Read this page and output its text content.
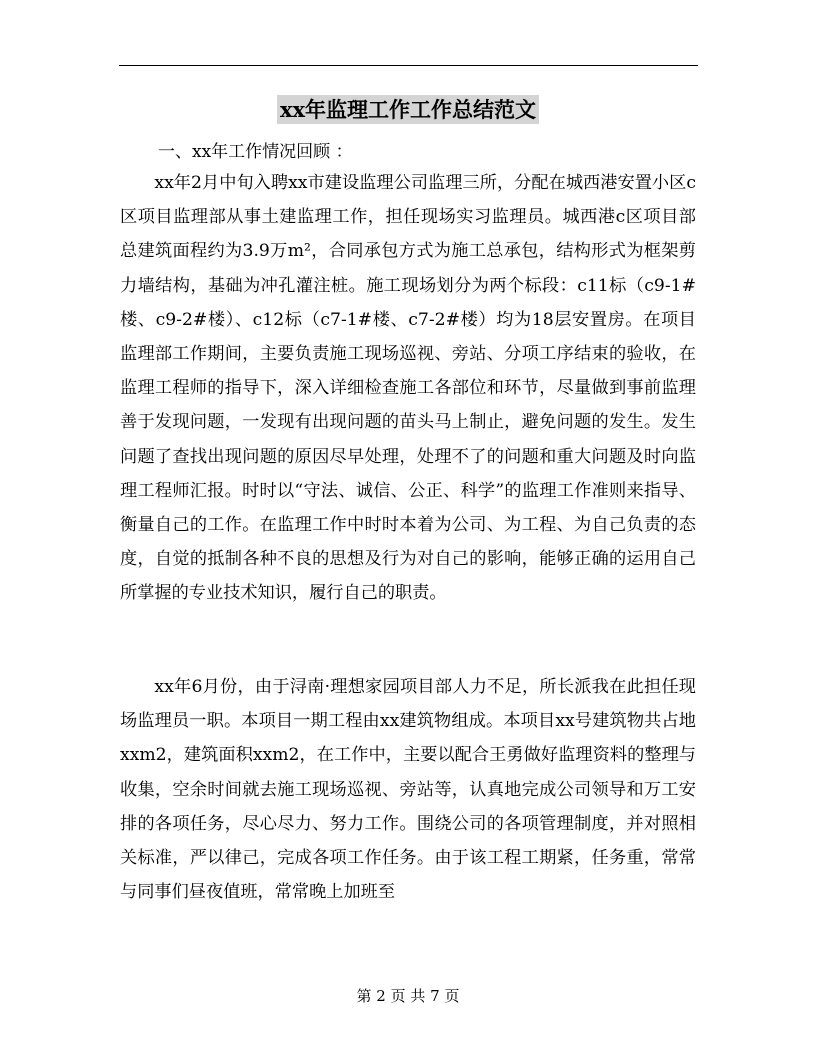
xx年监理工作工作总结范文
一、xx年工作情况回顾 ：

xx年2月中旬入聘xx市建设监理公司监理三所，分配在城西港安置小区c区项目监理部从事土建监理工作，担任现场实习监理员。城西港c区项目部总建筑面程约为3.9万m²，合同承包方式为施工总承包，结构形式为框架剪力墙结构，基础为冲孔灌注桩。施工现场划分为两个标段：c11标（c9-1#楼、c9-2#楼）、c12标（c7-1#楼、c7-2#楼）均为18层安置房。在项目监理部工作期间，主要负责施工现场巡视、旁站、分项工序结束的验收，在监理工程师的指导下，深入详细检查施工各部位和环节，尽量做到事前监理善于发现问题，一发现有出现问题的苗头马上制止，避免问题的发生。发生问题了查找出现问题的原因尽早处理，处理不了的问题和重大问题及时向监理工程师汇报。时时以“守法、诚信、公正、科学”的监理工作准则来指导、衡量自己的工作。在监理工作中时时本着为公司、为工程、为自己负责的态度，自觉的抵制各种不良的思想及行为对自己的影响，能够正确的运用自己所掌握的专业技术知识，履行自己的职责。

xx年6月份，由于浔南·理想家园项目部人力不足，所长派我在此担任现场监理员一职。本项目一期工程由xx建筑物组成。本项目xx号建筑物共占地xxm2，建筑面积xxm2，在工作中，主要以配合王勇做好监理资料的整理与收集，空余时间就去施工现场巡视、旁站等，认真地完成公司领导和万工安排的各项任务，尽心尽力、努力工作。围绕公司的各项管理制度，并对照相关标准，严以律己，完成各项工作任务。由于该工程工期紧，任务重，常常与同事们昼夜值班，常常晚上加班至

第 2 页 共 7 页
